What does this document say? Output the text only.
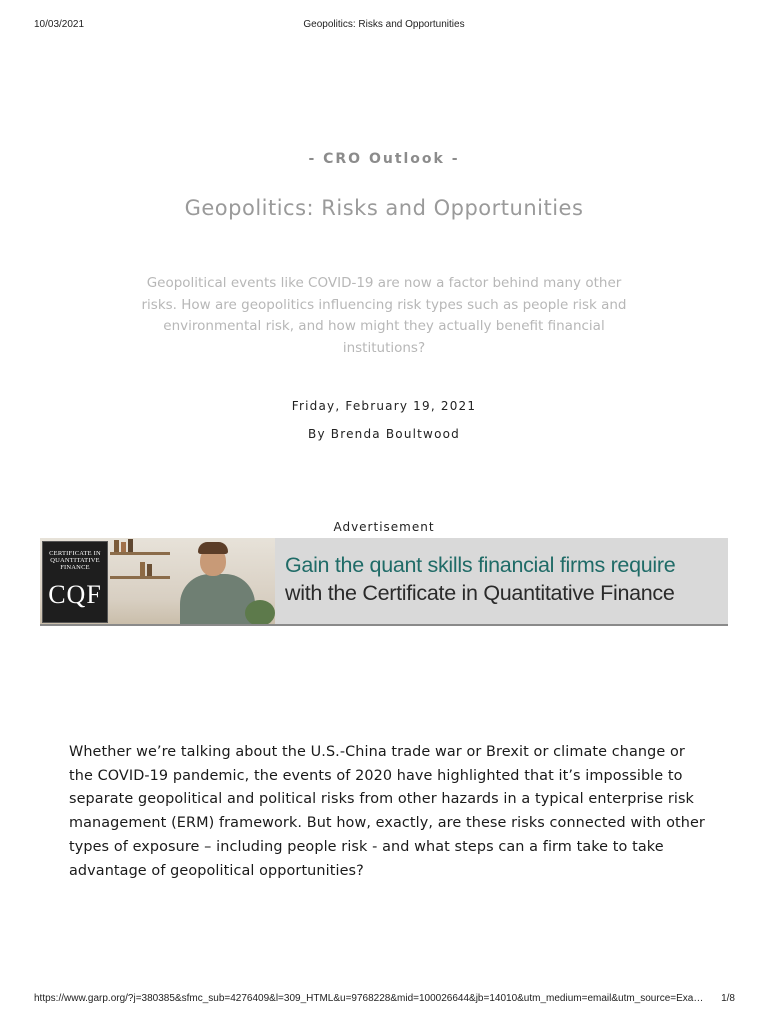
10/03/2021	Geopolitics: Risks and Opportunities
- CRO Outlook -
Geopolitics: Risks and Opportunities

Geopolitical events like COVID-19 are now a factor behind many other risks. How are geopolitics influencing risk types such as people risk and environmental risk, and how might they actually benefit financial institutions?

Friday, February 19, 2021
By Brenda Boultwood
Advertisement
CERTIFICATE IN QUANTITATIVE FINANCE
CQF
Gain the quant skills financial firms require
with the Certificate in Quantitative Finance

Whether we’re talking about the U.S.-China trade war or Brexit or climate change or the COVID-19 pandemic, the events of 2020 have highlighted that it’s impossible to separate geopolitical and political risks from other hazards in a typical enterprise risk management (ERM) framework. But how, exactly, are these risks connected with other types of exposure – including people risk - and what steps can a firm take to take advantage of geopolitical opportunities?

https://www.garp.org/?j=380385&sfmc_sub=4276409&l=309_HTML&u=9768228&mid=100026644&jb=14010&utm_medium=email&utm_source=Exa…	1/8
